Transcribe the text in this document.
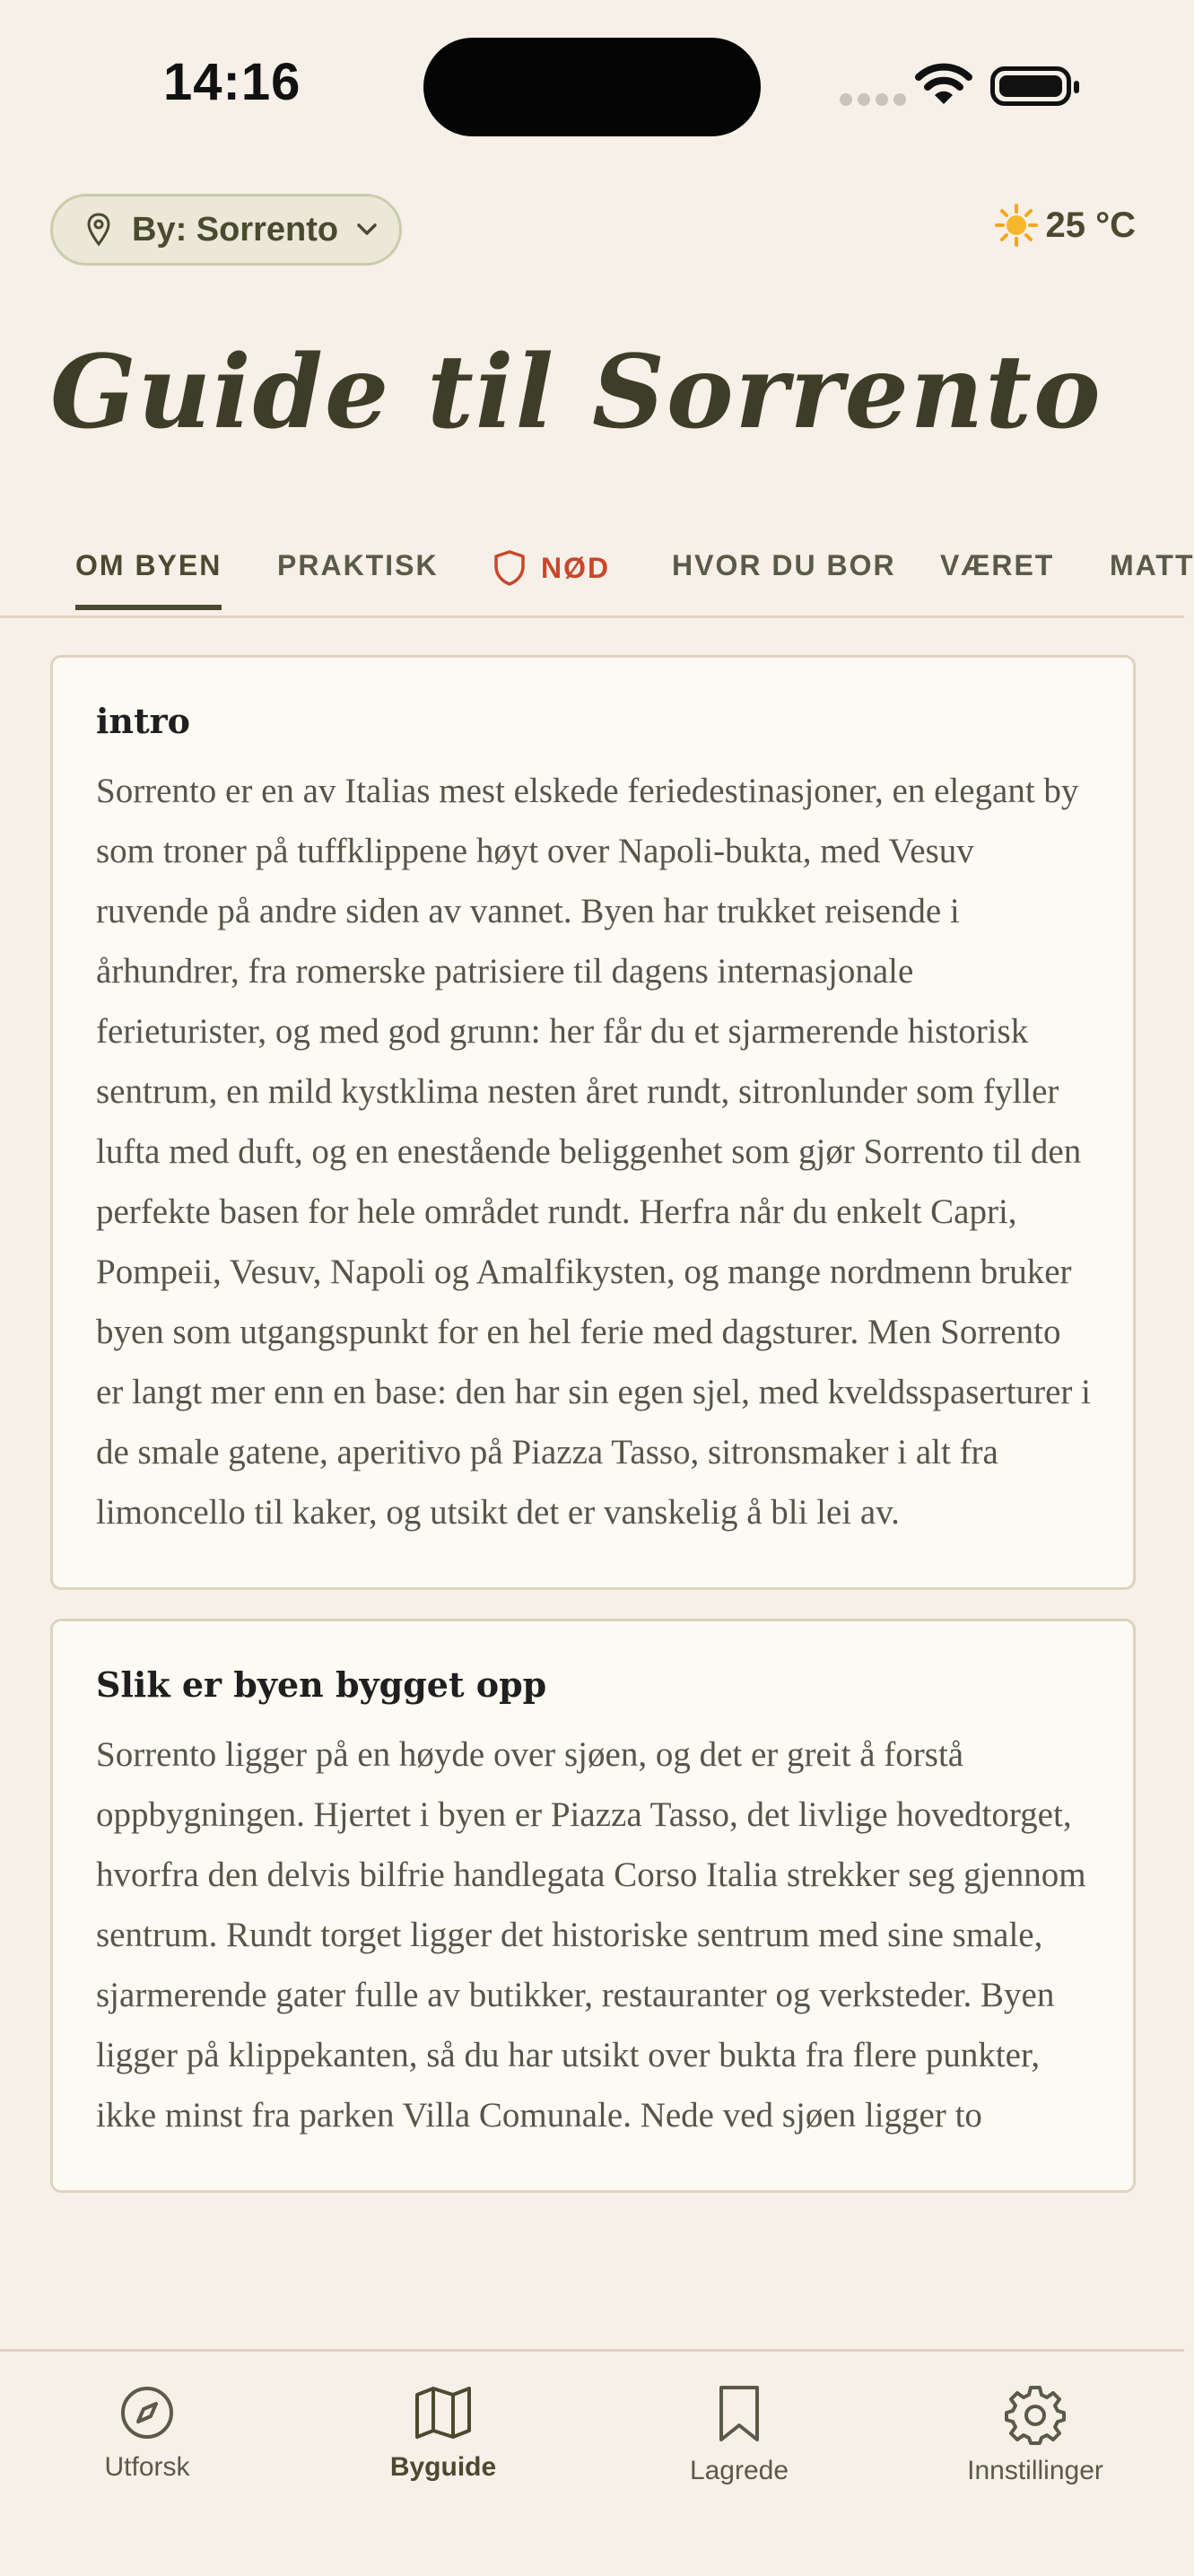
14:16
By: Sorrento	25 °C
Guide til Sorrento
OM BYEN PRAKTISK	NØD HVOR DU BOR VÆRET MATT
intro

Sorrento er en av Italias mest elskede feriedestinasjoner, en elegant by som troner på tuffklippene høyt over Napoli-bukta, med Vesuv ruvende på andre siden av vannet. Byen har trukket reisende i århundrer, fra romerske patrisiere til dagens internasjonale ferieturister, og med god grunn: her får du et sjarmerende historisk sentrum, en mild kystklima nesten året rundt, sitronlunder som fyller lufta med duft, og en enestående beliggenhet som gjør Sorrento til den perfekte basen for hele området rundt. Herfra når du enkelt Capri, Pompeii, Vesuv, Napoli og Amalfikysten, og mange nordmenn bruker byen som utgangspunkt for en hel ferie med dagsturer. Men Sorrento er langt mer enn en base: den har sin egen sjel, med kveldsspaserturer i de smale gatene, aperitivo på Piazza Tasso, sitronsmaker i alt fra limoncello til kaker, og utsikt det er vanskelig å bli lei av.

Slik er byen bygget opp

Sorrento ligger på en høyde over sjøen, og det er greit å forstå oppbygningen. Hjertet i byen er Piazza Tasso, det livlige hovedtorget, hvorfra den delvis bilfrie handlegata Corso Italia strekker seg gjennom sentrum. Rundt torget ligger det historiske sentrum med sine smale, sjarmerende gater fulle av butikker, restauranter og verksteder. Byen ligger på klippekanten, så du har utsikt over bukta fra flere punkter, ikke minst fra parken Villa Comunale. Nede ved sjøen ligger to

Utforsk	Byguide	Lagrede	Innstillinger
